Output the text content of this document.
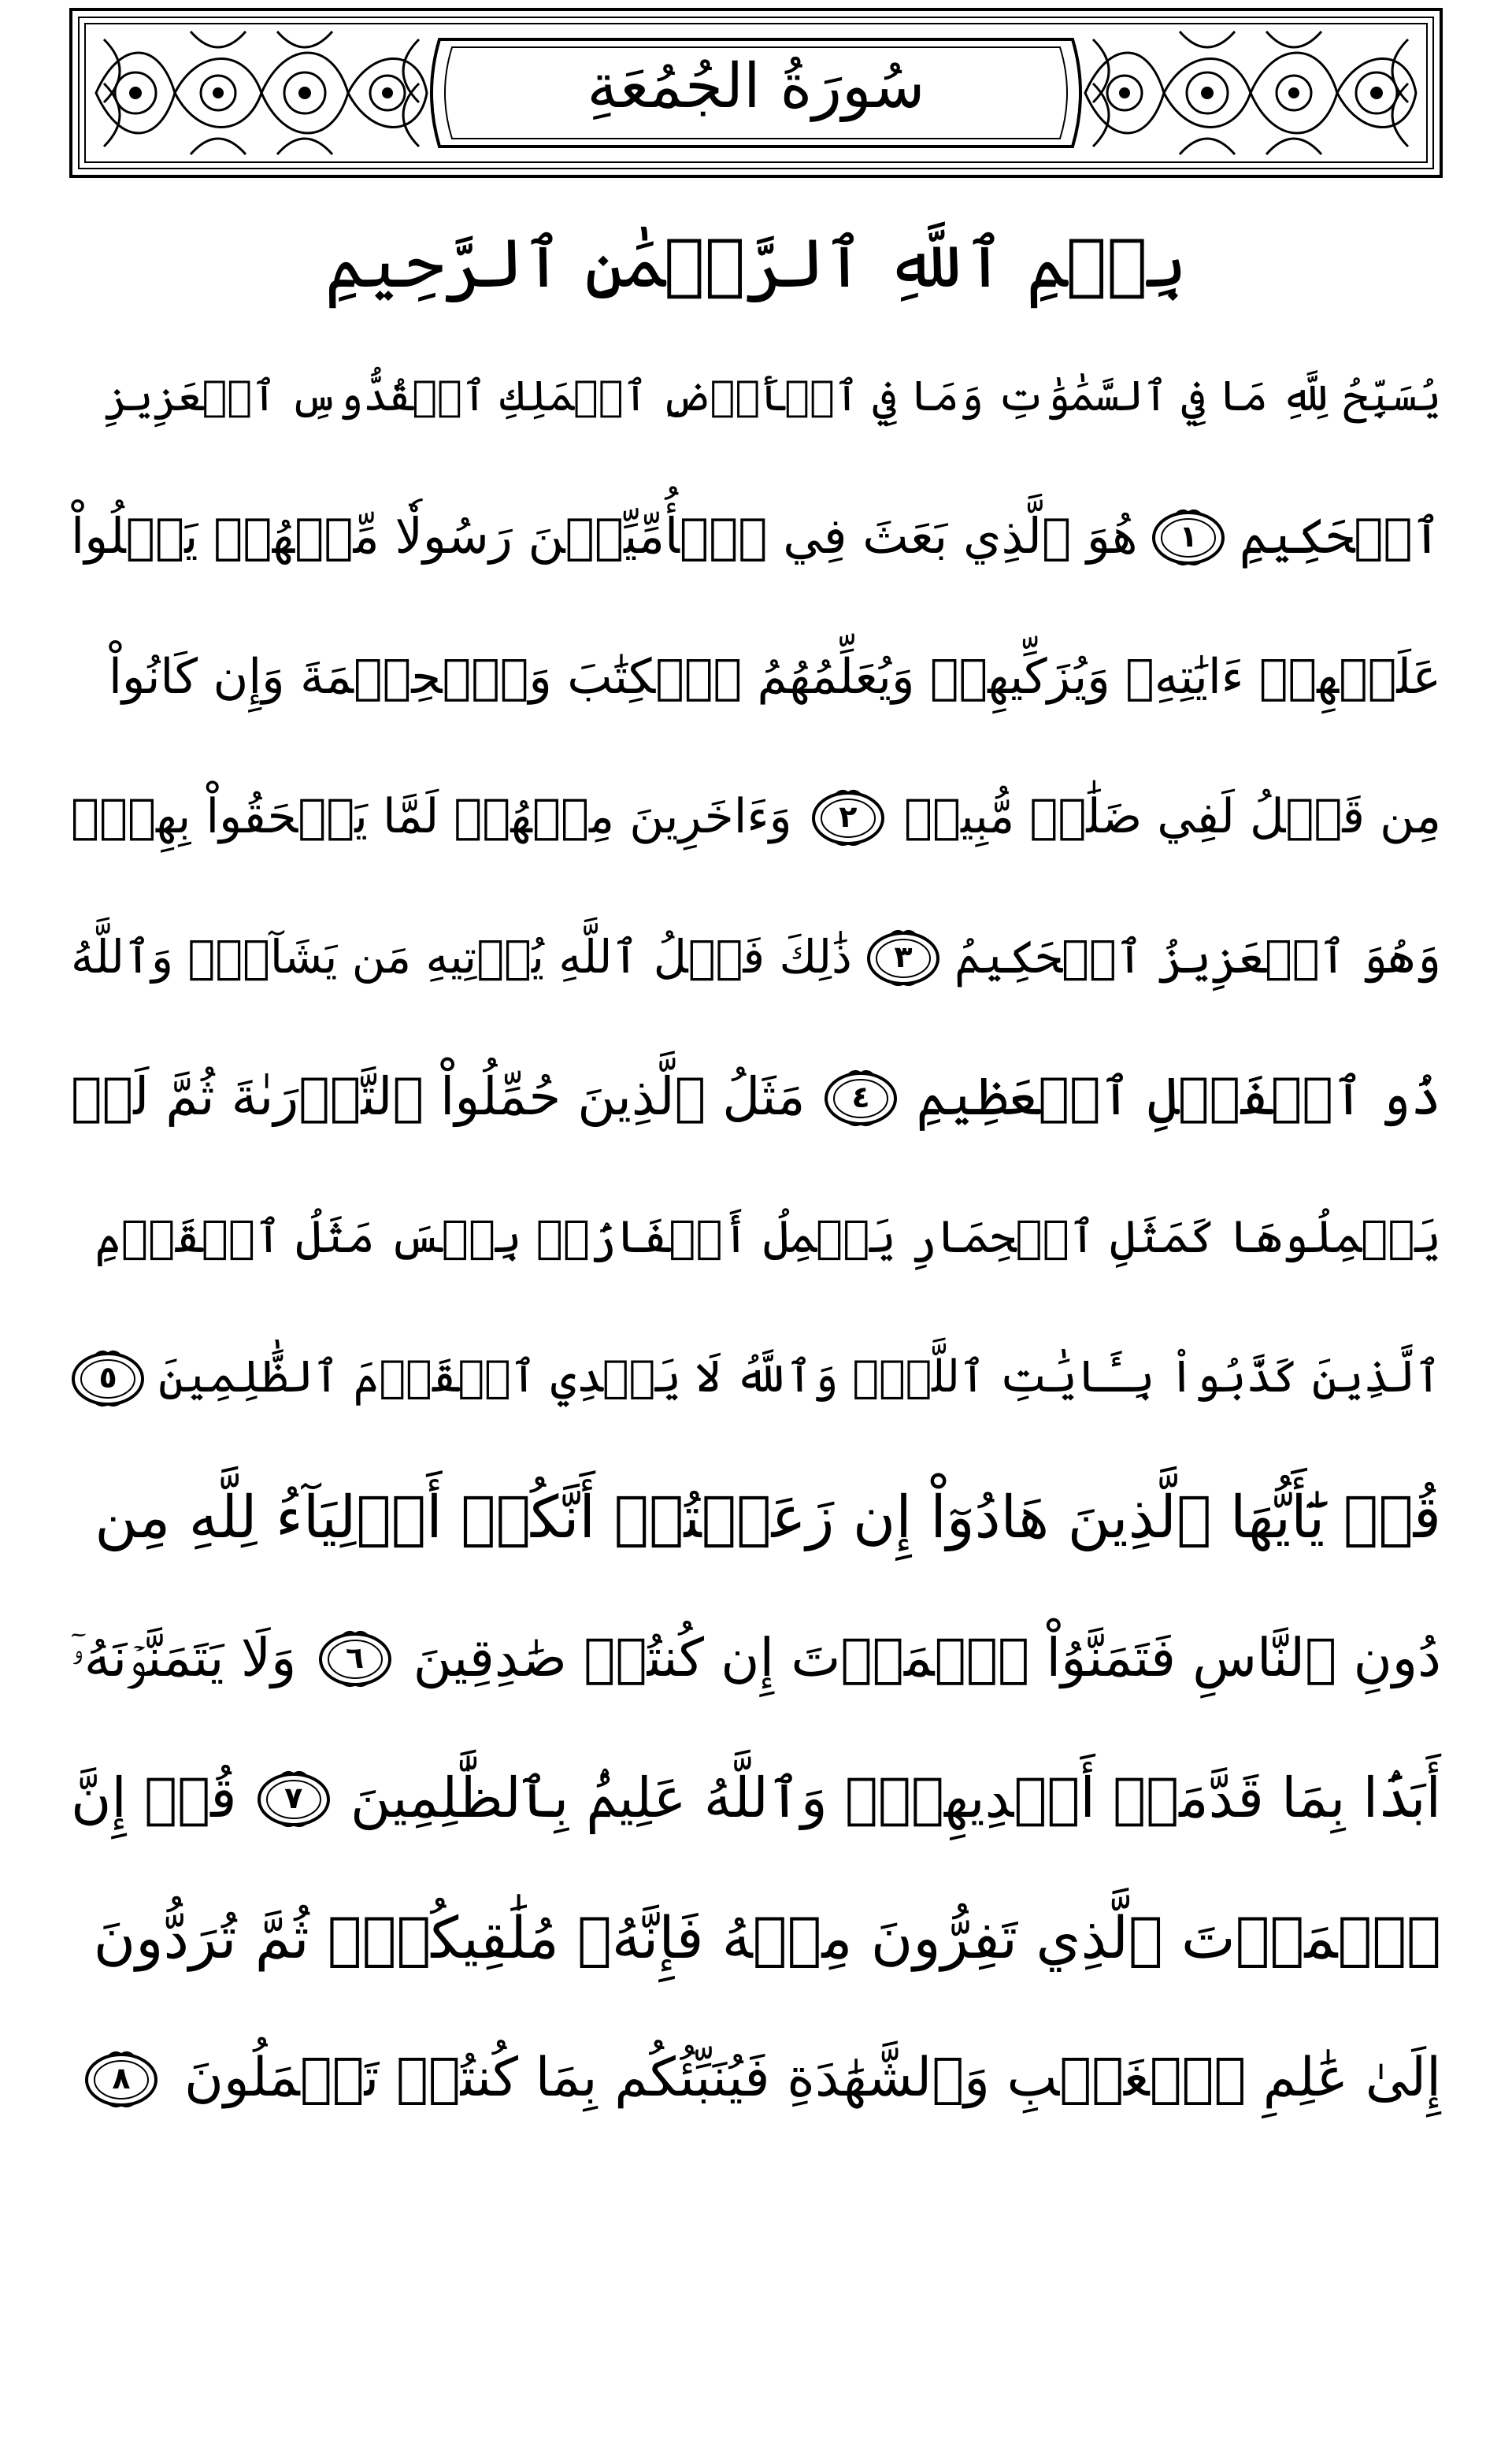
سُورَةُ الجُمُعَةِ
بِسۡمِ ٱللَّهِ ٱلرَّحۡمَٰنِ ٱلرَّحِيمِ
يُسَبِّحُ لِلَّهِ مَا فِي ٱلسَّمَٰوَٰتِ وَمَا فِي ٱلۡأَرۡضِ ٱلۡمَلِكِ ٱلۡقُدُّوسِ ٱلۡعَزِيزِ
ٱلۡحَكِيمِ
١
هُوَ ٱلَّذِي بَعَثَ فِي ٱلۡأُمِّيِّـۧنَ رَسُولٗا مِّنۡهُمۡ يَتۡلُواْ
عَلَيۡهِمۡ ءَايَٰتِهِۦ وَيُزَكِّيهِمۡ وَيُعَلِّمُهُمُ ٱلۡكِتَٰبَ وَٱلۡحِكۡمَةَ وَإِن كَانُواْ
مِن قَبۡلُ لَفِي ضَلَٰلٖ مُّبِينٖ
٢
وَءَاخَرِينَ مِنۡهُمۡ لَمَّا يَلۡحَقُواْ بِهِمۡۚ
وَهُوَ ٱلۡعَزِيزُ ٱلۡحَكِيمُ
٣
ذَٰلِكَ فَضۡلُ ٱللَّهِ يُؤۡتِيهِ مَن يَشَآءُۚ وَٱللَّهُ
ذُو ٱلۡفَضۡلِ ٱلۡعَظِيمِ
٤
مَثَلُ ٱلَّذِينَ حُمِّلُواْ ٱلتَّوۡرَىٰةَ ثُمَّ لَمۡ
يَحۡمِلُوهَا كَمَثَلِ ٱلۡحِمَارِ يَحۡمِلُ أَسۡفَارَۢاۚ بِئۡسَ مَثَلُ ٱلۡقَوۡمِ
ٱلَّذِينَ كَذَّبُواْ بِـَٔايَٰتِ ٱللَّهِۚ وَٱللَّهُ لَا يَهۡدِي ٱلۡقَوۡمَ ٱلظَّٰلِمِينَ
٥
قُلۡ يَٰٓأَيُّهَا ٱلَّذِينَ هَادُوٓاْ إِن زَعَمۡتُمۡ أَنَّكُمۡ أَوۡلِيَآءُ لِلَّهِ مِن
دُونِ ٱلنَّاسِ فَتَمَنَّوُاْ ٱلۡمَوۡتَ إِن كُنتُمۡ صَٰدِقِينَ
٦
وَلَا يَتَمَنَّوۡنَهُۥٓ
أَبَدَۢا بِمَا قَدَّمَتۡ أَيۡدِيهِمۡۚ وَٱللَّهُ عَلِيمُۢ بِٱلظَّٰلِمِينَ
٧
قُلۡ إِنَّ
ٱلۡمَوۡتَ ٱلَّذِي تَفِرُّونَ مِنۡهُ فَإِنَّهُۥ مُلَٰقِيكُمۡۖ ثُمَّ تُرَدُّونَ
إِلَىٰ عَٰلِمِ ٱلۡغَيۡبِ وَٱلشَّهَٰدَةِ فَيُنَبِّئُكُم بِمَا كُنتُمۡ تَعۡمَلُونَ
٨
